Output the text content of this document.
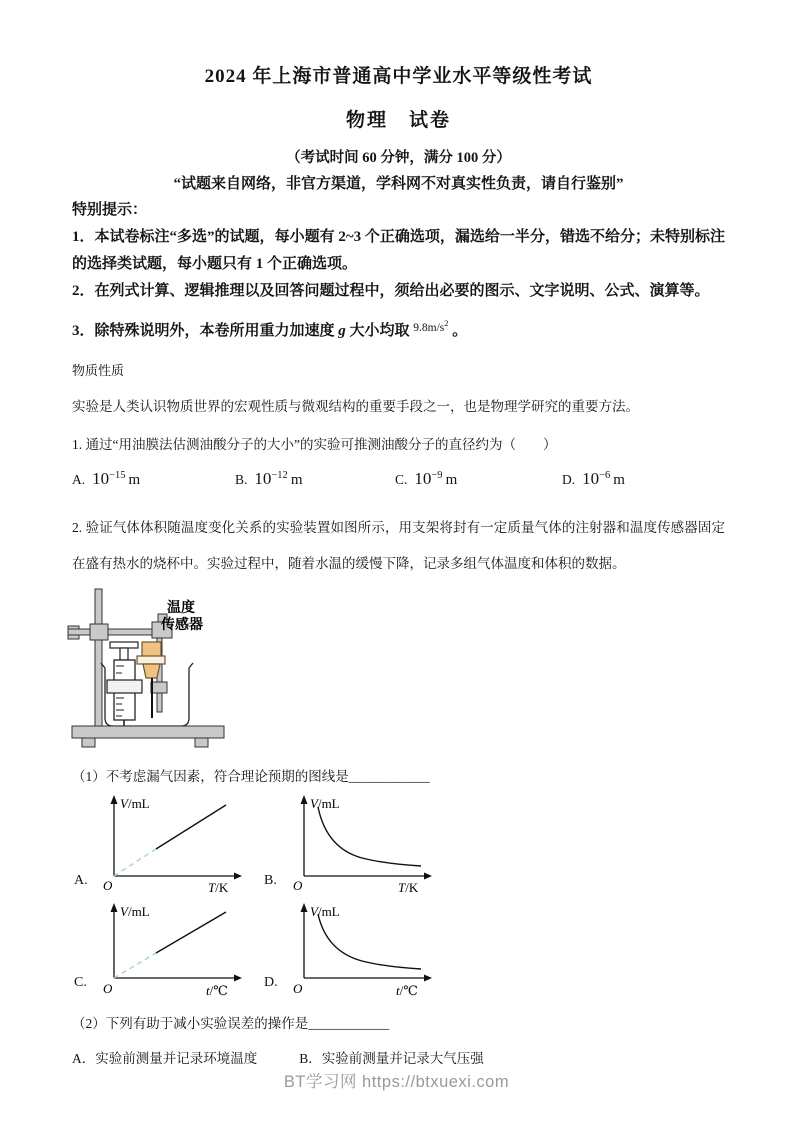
2024 年上海市普通高中学业水平等级性考试

物理　试卷

（考试时间 60 分钟，满分 100 分）

“试题来自网络，非官方渠道，学科网不对真实性负责，请自行鉴别”

特别提示：

1．本试卷标注“多选”的试题，每小题有 2~3 个正确选项，漏选给一半分，错选不给分；未特别标注的选择类试题，每小题只有 1 个正确选项。

2．在列式计算、逻辑推理以及回答问题过程中，须给出必要的图示、文字说明、公式、演算等。

3．除特殊说明外，本卷所用重力加速度 g 大小均取 $^{9.8m/s^2}$ 。

物质性质

实验是人类认识物质世界的宏观性质与微观结构的重要手段之一，也是物理学研究的重要方法。

1. 通过“用油膜法估测油酸分子的大小”的实验可推测油酸分子的直径约为（　　）

A. $10^{-15}$ m	B. $10^{-12}$ m	C. $10^{-9}$ m	D. $10^{-6}$ m

2. 验证气体体积随温度变化关系的实验装置如图所示，用支架将封有一定质量气体的注射器和温度传感器固定在盛有热水的烧杯中。实验过程中，随着水温的缓慢下降，记录多组气体温度和体积的数据。

温度
传感器

（1）不考虑漏气因素，符合理论预期的图线是____________

A.
V/mL
O	T/K	B.
V/mL
O	T/K
C.
V/mL
O	t/℃
D.
V/mL
O	t/℃

（2）下列有助于减小实验误差的操作是____________

A．实验前测量并记录环境温度	B．实验前测量并记录大气压强
BT学习网 https://btxuexi.com
